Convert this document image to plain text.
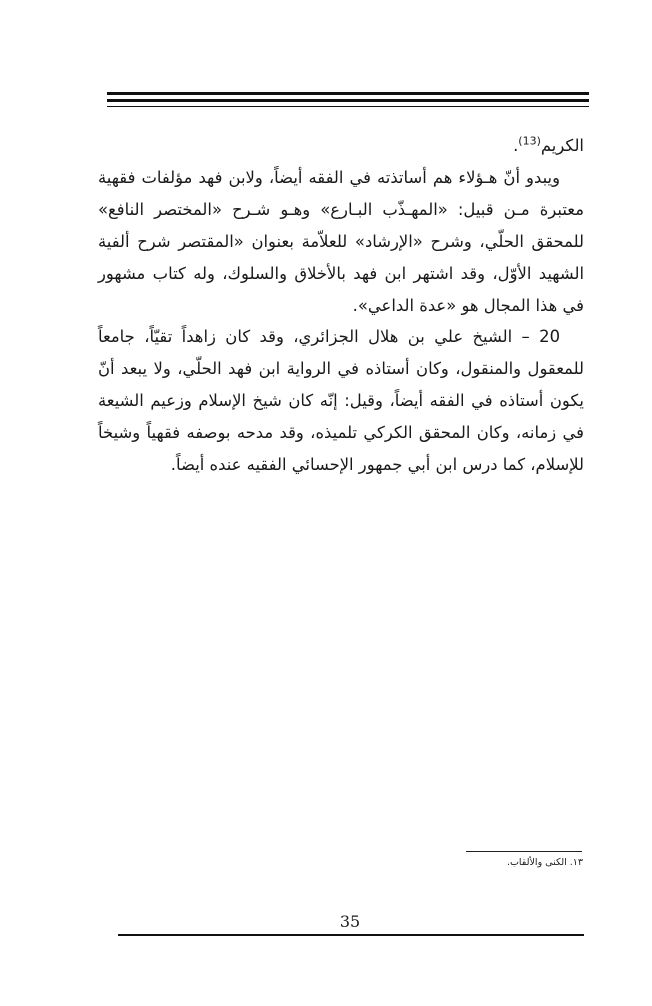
الكريم$^{(13)}$.

ويبدو أنّ هـؤلاء هم أساتذته في الفقه أيضاً، ولابن فهد مؤلفات فقهية معتبرة مـن قبيل: «المهـذّب البـارع» وهـو شـرح «المختصر النافع» للمحقق الحلّي، وشرح «الإرشاد» للعلاّمة بعنوان «المقتصر شرح ألفية الشهيد الأوّل، وقد اشتهر ابن فهد بالأخلاق والسلوك، وله كتاب مشهور في هذا المجال هو «عدة الداعي».

20 – الشيخ علي بن هلال الجزائري، وقد كان زاهداً تقيّاً، جامعاً للمعقول والمنقول، وكان أستاذه في الرواية ابن فهد الحلّي، ولا يبعد أنّ يكون أستاذه في الفقه أيضاً، وقيل: إنّه كان شيخ الإسلام وزعيم الشيعة في زمانه، وكان المحقق الكركي تلميذه، وقد مدحه بوصفه فقهياً وشيخاً للإسلام، كما درس ابن أبي جمهور الإحسائي الفقيه عنده أيضاً.

١٣. الكنى والألقاب.
35
